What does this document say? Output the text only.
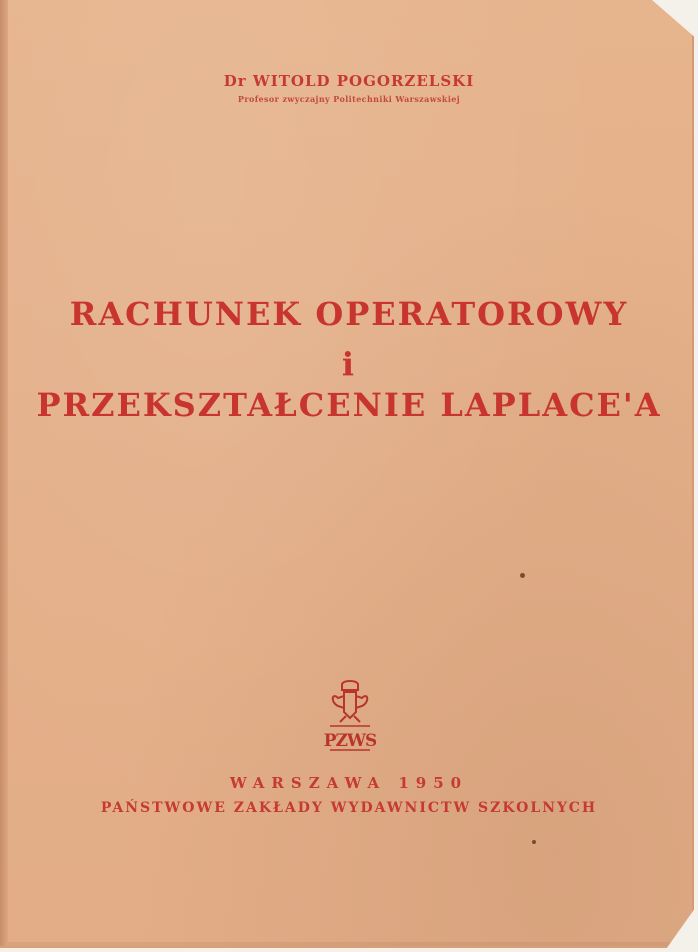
Dr WITOLD POGORZELSKI
Profesor zwyczajny Politechniki Warszawskiej
RACHUNEK OPERATOROWY
i
PRZEKSZTAŁCENIE LAPLACE'A
PZWS
WARSZAWA 1950
PAŃSTWOWE ZAKŁADY WYDAWNICTW SZKOLNYCH
